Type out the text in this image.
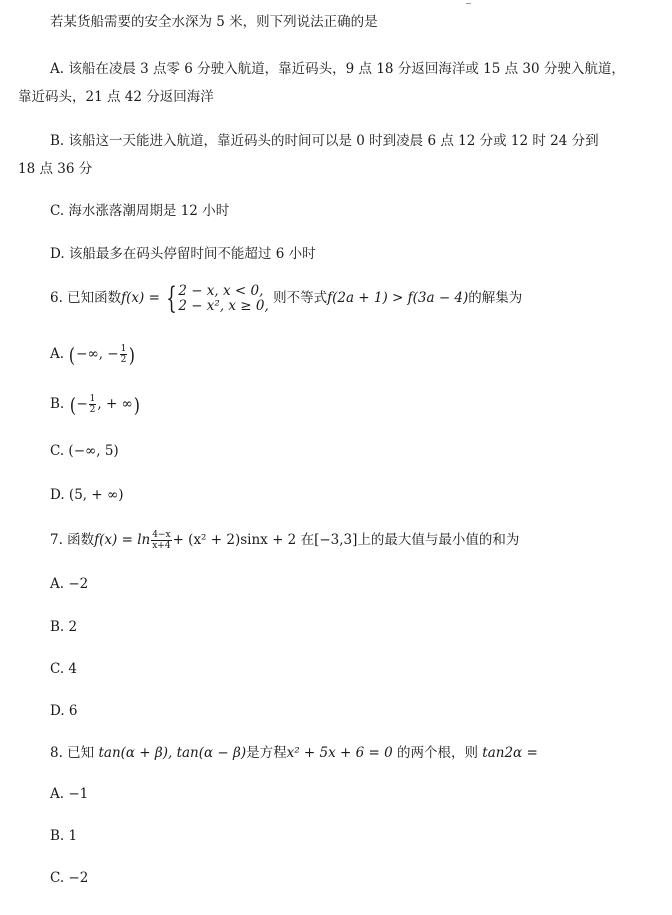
若某货船需要的安全水深为 5 米，则下列说法正确的是
A. 该船在凌晨 3 点零 6 分驶入航道，靠近码头，9 点 18 分返回海洋或 15 点 30 分驶入航道，
靠近码头，21 点 42 分返回海洋
B. 该船这一天能进入航道，靠近码头的时间可以是 0 时到凌晨 6 点 12 分或 12 时 24 分到
18 点 36 分
C. 海水涨落潮周期是 12 小时
D. 该船最多在码头停留时间不能超过 6 小时
6. 已知函数f(x) = { 2 − x, x < 0,
2 − x², x ≥ 0, 则不等式f(2a + 1) > f(3a − 4)的解集为
A. (−∞, − $\frac{1}{2}$ )
B. (− $\frac{1}{2}$ , + ∞)
C. (−∞, 5)
D. (5, + ∞)
7. 函数$f(x) = \ln \frac{4-x}{x+4} + (x^2 + 2)\sin x + 2$ 在[−3,3]上的最大值与最小值的和为
A. −2
B. 2
C. 4
D. 6
8. 已知 tan(α + β), tan(α − β)是方程x² + 5x + 6 = 0 的两个根，则 tan2α =
A. −1
B. 1
C. −2
